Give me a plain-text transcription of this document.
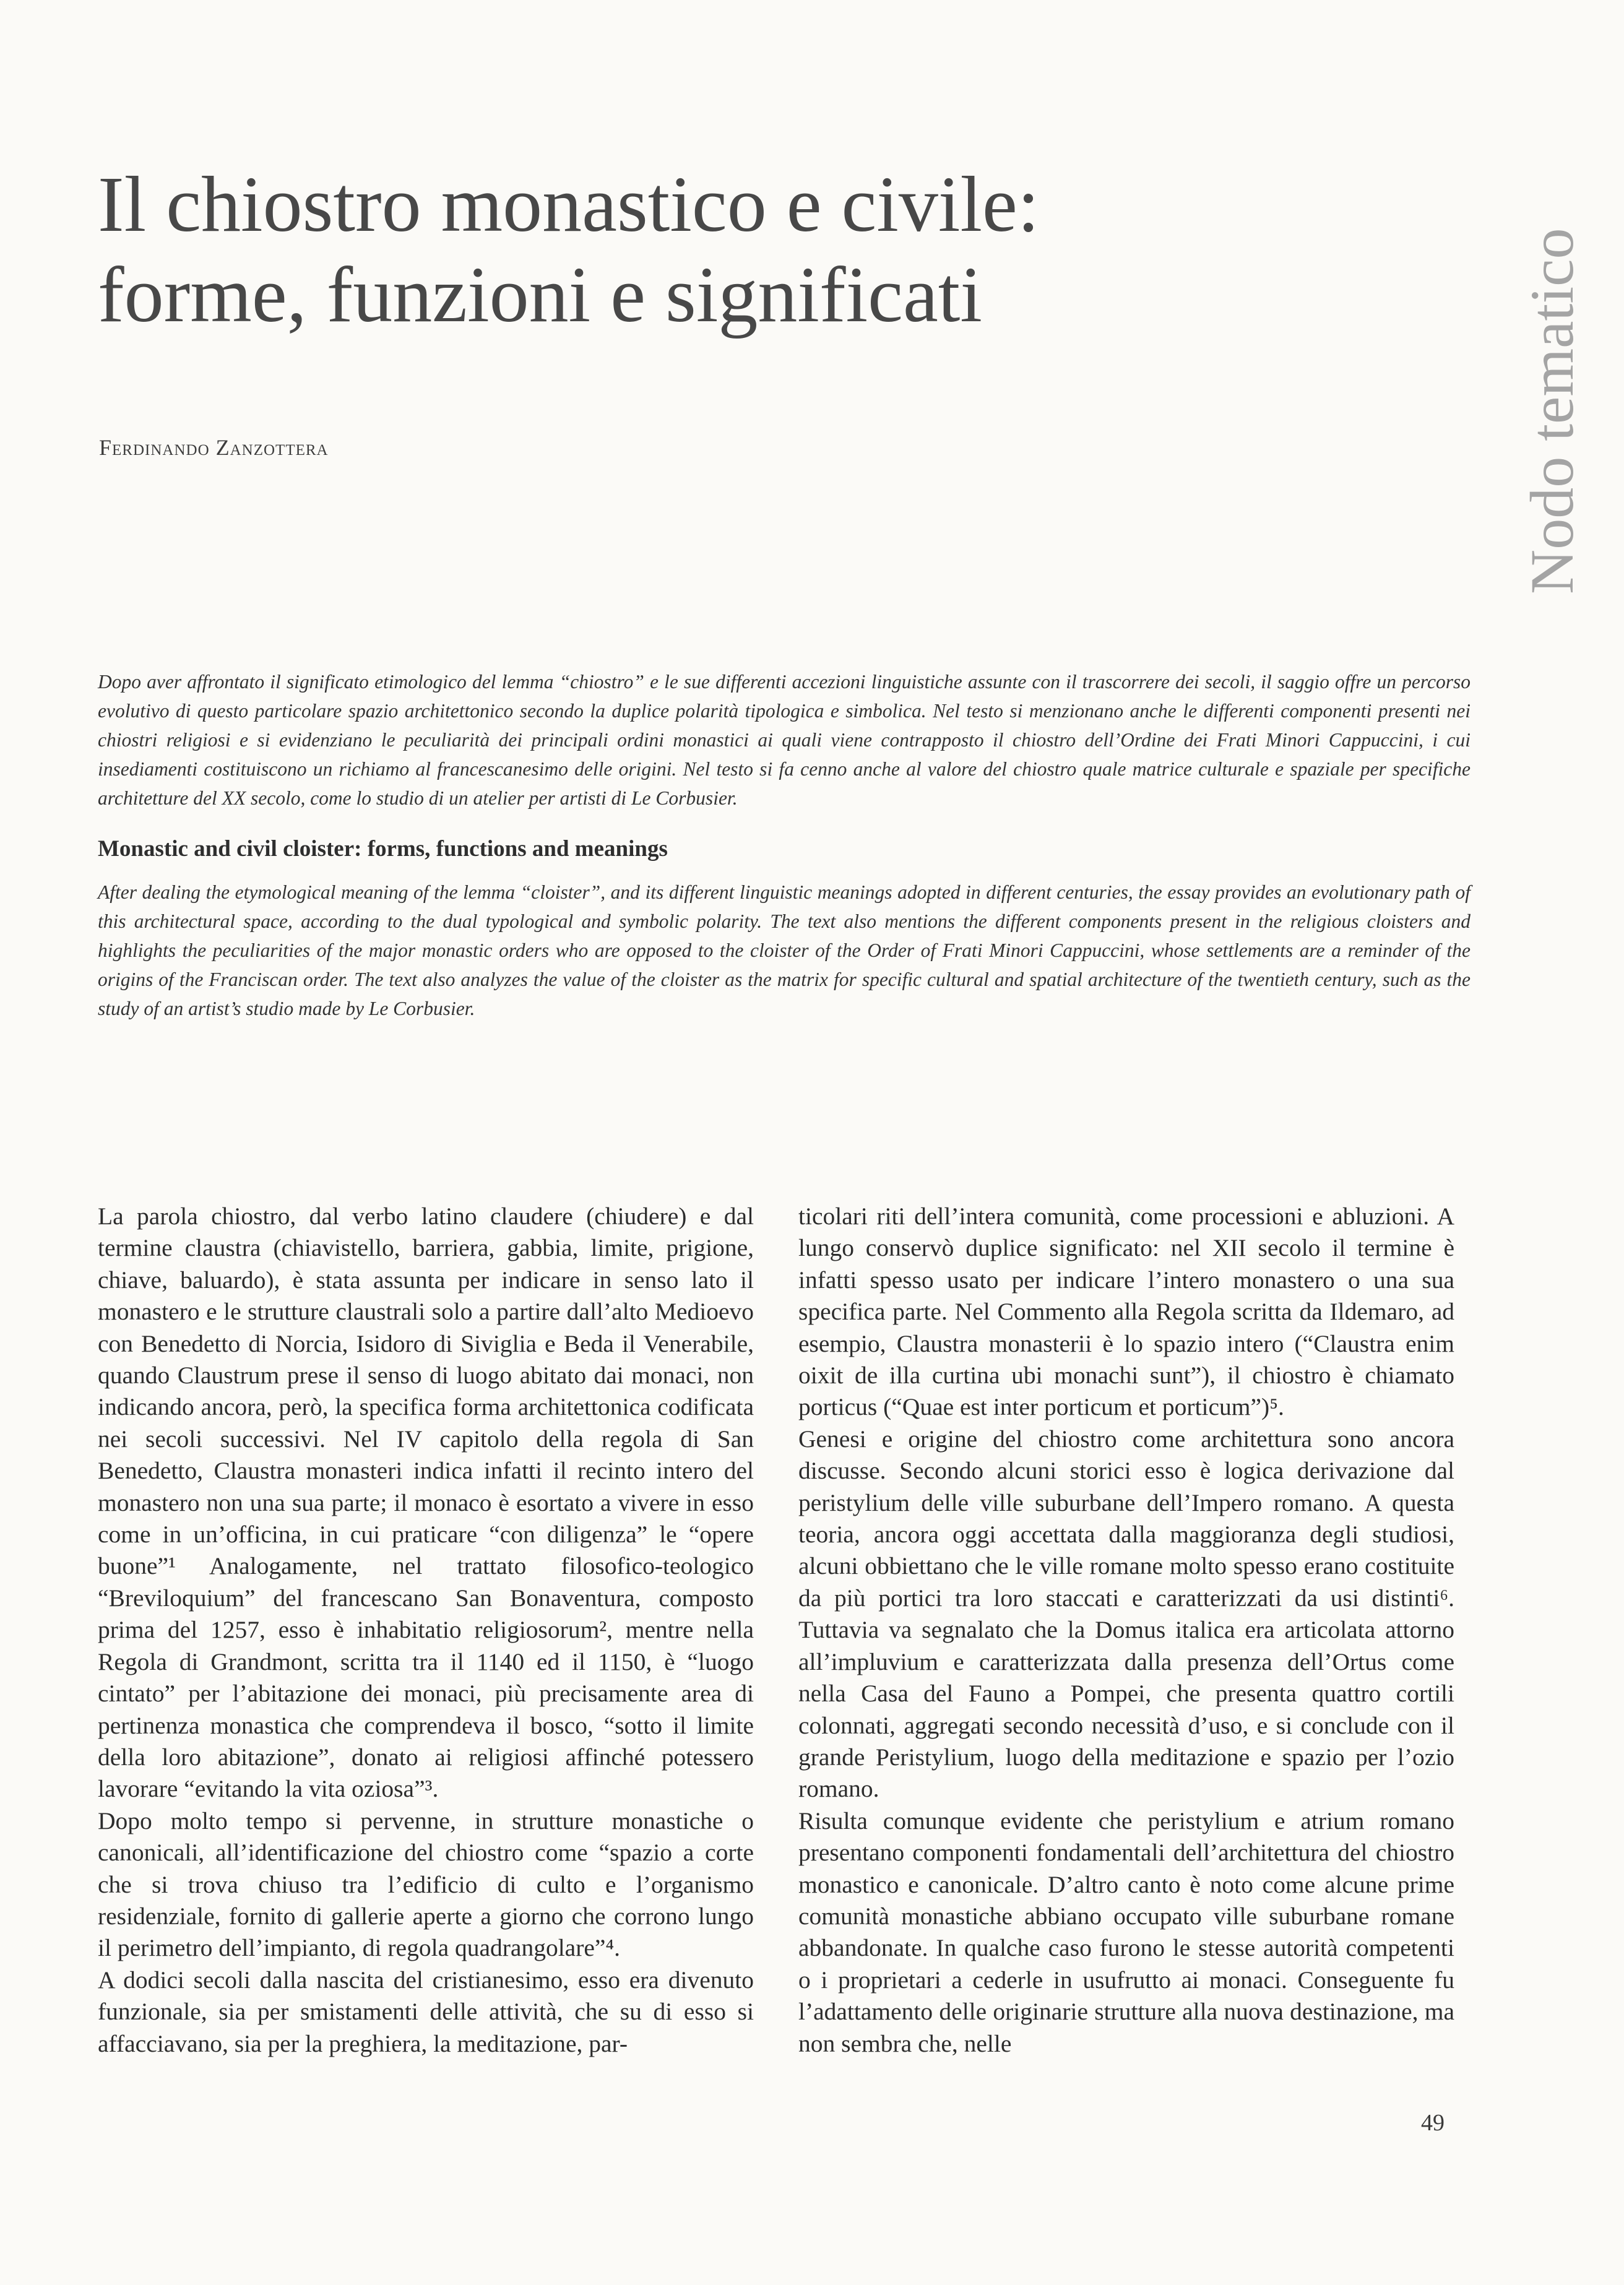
Il chiostro monastico e civile:
forme, funzioni e significati
Ferdinando Zanzottera	Nodo tematico

Dopo aver affrontato il significato etimologico del lemma “chiostro” e le sue differenti accezioni linguistiche assunte con il trascorrere dei secoli, il saggio offre un percorso evolutivo di questo particolare spazio architettonico secondo la duplice polarità tipologica e simbolica. Nel testo si menzionano anche le differenti componenti presenti nei chiostri religiosi e si evidenziano le peculiarità dei principali ordini monastici ai quali viene contrapposto il chiostro dell’Ordine dei Frati Minori Cappuccini, i cui insediamenti costituiscono un richiamo al francescanesimo delle origini. Nel testo si fa cenno anche al valore del chiostro quale matrice culturale e spaziale per specifiche architetture del XX secolo, come lo studio di un atelier per artisti di Le Corbusier.

Monastic and civil cloister: forms, functions and meanings

After dealing the etymological meaning of the lemma “cloister”, and its different linguistic meanings adopted in different centuries, the essay provides an evolutionary path of this architectural space, according to the dual typological and symbolic polarity. The text also mentions the different components present in the religious cloisters and highlights the peculiarities of the major monastic orders who are opposed to the cloister of the Order of Frati Minori Cappuccini, whose settlements are a reminder of the origins of the Franciscan order. The text also analyzes the value of the cloister as the matrix for specific cultural and spatial architecture of the twentieth century, such as the study of an artist’s studio made by Le Corbusier.

La parola chiostro, dal verbo latino claudere (chiudere) e dal termine claustra (chiavistello, barriera, gabbia, limite, prigione, chiave, baluardo), è stata assunta per indicare in senso lato il monastero e le strutture claustrali solo a partire dall’alto Medioevo con Benedetto di Norcia, Isidoro di Siviglia e Beda il Venerabile, quando Claustrum prese il senso di luogo abitato dai monaci, non indicando ancora, però, la specifica forma architettonica codificata nei secoli successivi. Nel IV capitolo della regola di San Benedetto, Claustra monasteri indica infatti il recinto intero del monastero non una sua parte; il monaco è esortato a vivere in esso come in un’officina, in cui praticare “con diligenza” le “opere buone”¹ Analogamente, nel trattato filosofico-teologico “Breviloquium” del francescano San Bonaventura, composto prima del 1257, esso è inhabitatio religiosorum², mentre nella Regola di Grandmont, scritta tra il 1140 ed il 1150, è “luogo cintato” per l’abitazione dei monaci, più precisamente area di pertinenza monastica che comprendeva il bosco, “sotto il limite della loro abitazione”, donato ai religiosi affinché potessero lavorare “evitando la vita oziosa”³.

Dopo molto tempo si pervenne, in strutture monastiche o canonicali, all’identificazione del chiostro come “spazio a corte che si trova chiuso tra l’edificio di culto e l’organismo residenziale, fornito di gallerie aperte a giorno che corrono lungo il perimetro dell’impianto, di regola quadrangolare”⁴.

A dodici secoli dalla nascita del cristianesimo, esso era divenuto funzionale, sia per smistamenti delle attività, che su di esso si affacciavano, sia per la preghiera, la meditazione, par-

ticolari riti dell’intera comunità, come processioni e abluzioni. A lungo conservò duplice significato: nel XII secolo il termine è infatti spesso usato per indicare l’intero monastero o una sua specifica parte. Nel Commento alla Regola scritta da Ildemaro, ad esempio, Claustra monasterii è lo spazio intero (“Claustra enim oixit de illa curtina ubi monachi sunt”), il chiostro è chiamato porticus (“Quae est inter porticum et porticum”)⁵.

Genesi e origine del chiostro come architettura sono ancora discusse. Secondo alcuni storici esso è logica derivazione dal peristylium delle ville suburbane dell’Impero romano. A questa teoria, ancora oggi accettata dalla maggioranza degli studiosi, alcuni obbiettano che le ville romane molto spesso erano costituite da più portici tra loro staccati e caratterizzati da usi distinti⁶. Tuttavia va segnalato che la Domus italica era articolata attorno all’impluvium e caratterizzata dalla presenza dell’Ortus come nella Casa del Fauno a Pompei, che presenta quattro cortili colonnati, aggregati secondo necessità d’uso, e si conclude con il grande Peristylium, luogo della meditazione e spazio per l’ozio romano.

Risulta comunque evidente che peristylium e atrium romano presentano componenti fondamentali dell’architettura del chiostro monastico e canonicale. D’altro canto è noto come alcune prime comunità monastiche abbiano occupato ville suburbane romane abbandonate. In qualche caso furono le stesse autorità competenti o i proprietari a cederle in usufrutto ai monaci. Conseguente fu l’adattamento delle originarie strutture alla nuova destinazione, ma non sembra che, nelle

49
